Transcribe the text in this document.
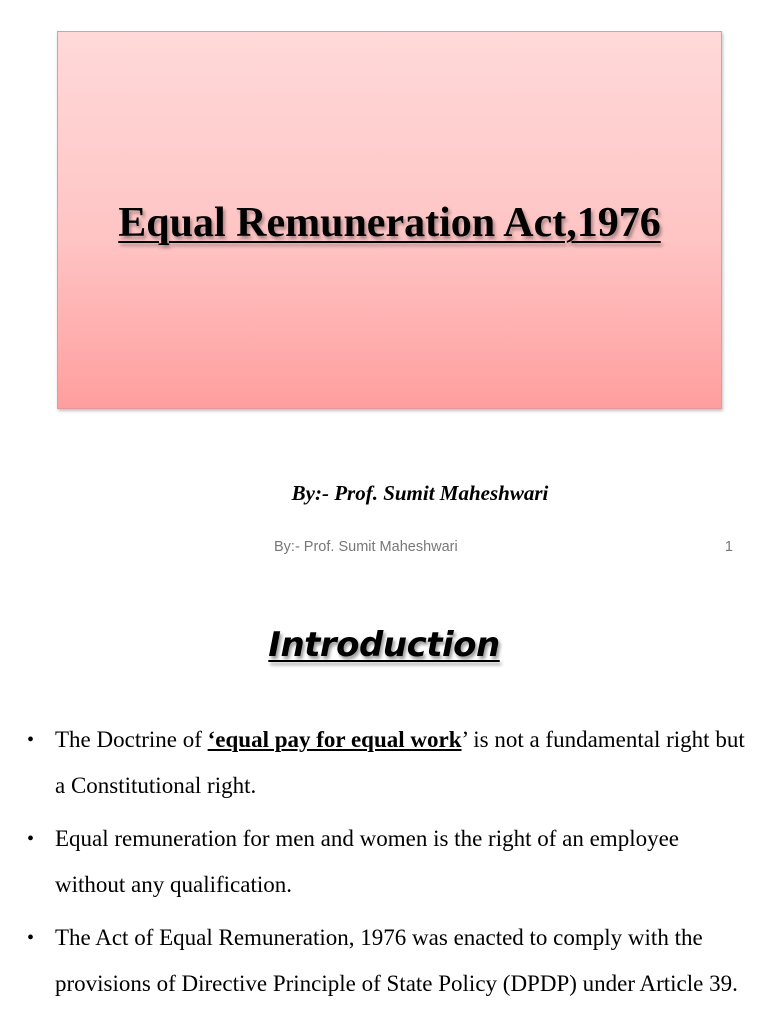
Equal Remuneration Act,1976
By:- Prof. Sumit Maheshwari
By:- Prof. Sumit Maheshwari	1
Introduction
• The Doctrine of ‘equal pay for equal work’ is not a fundamental right but a Constitutional right.
• Equal remuneration for men and women is the right of an employee without any qualification.
• The Act of Equal Remuneration, 1976 was enacted to comply with the provisions of Directive Principle of State Policy (DPDP) under Article 39.
